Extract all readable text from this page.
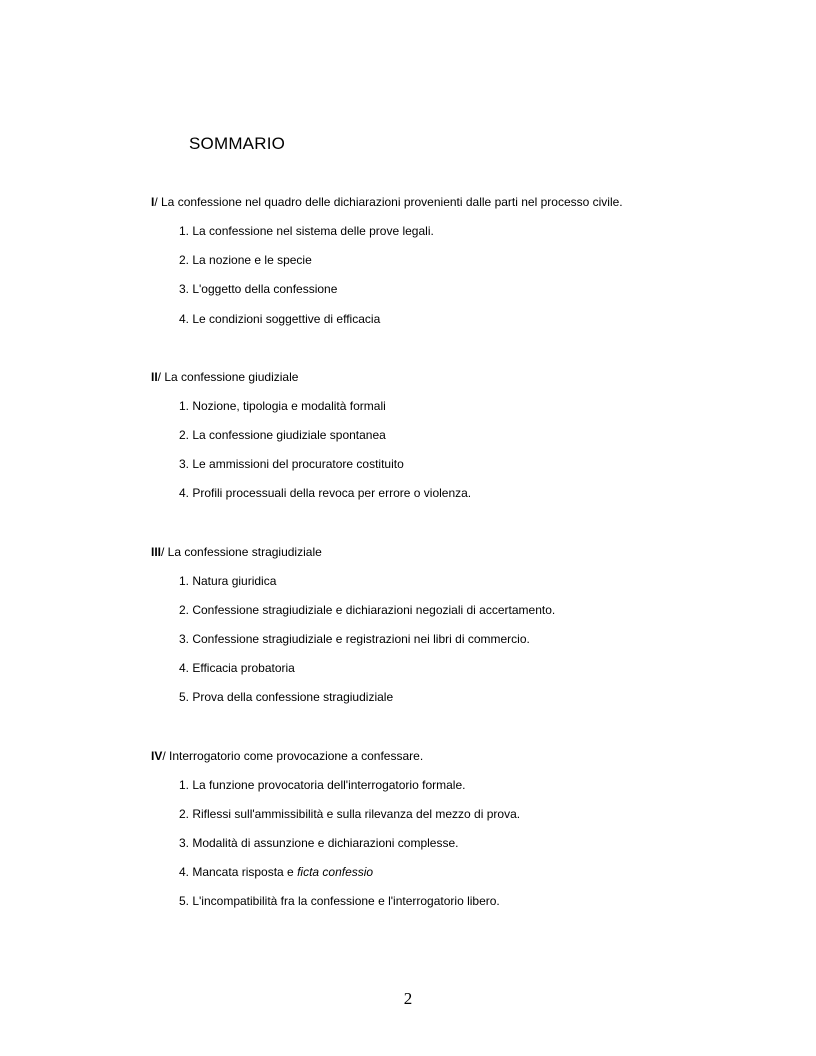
SOMMARIO
I/ La confessione nel quadro delle dichiarazioni provenienti dalle parti nel processo civile.
1. La confessione nel sistema delle prove legali.
2. La nozione e le specie
3. L'oggetto della confessione
4. Le condizioni soggettive di efficacia
II/ La confessione giudiziale
1. Nozione, tipologia e modalità formali
2. La confessione giudiziale spontanea
3. Le ammissioni del procuratore costituito
4. Profili processuali della revoca per errore o violenza.
III/ La confessione stragiudiziale
1. Natura giuridica
2. Confessione stragiudiziale e dichiarazioni negoziali di accertamento.
3. Confessione stragiudiziale e registrazioni nei libri di commercio.
4. Efficacia probatoria
5. Prova della confessione stragiudiziale
IV/ Interrogatorio come provocazione a confessare.
1. La funzione provocatoria dell'interrogatorio formale.
2. Riflessi sull'ammissibilità e sulla rilevanza del mezzo di prova.
3. Modalità di assunzione e dichiarazioni complesse.
4. Mancata risposta e ficta confessio
5. L'incompatibilità fra la confessione e l'interrogatorio libero.
2
